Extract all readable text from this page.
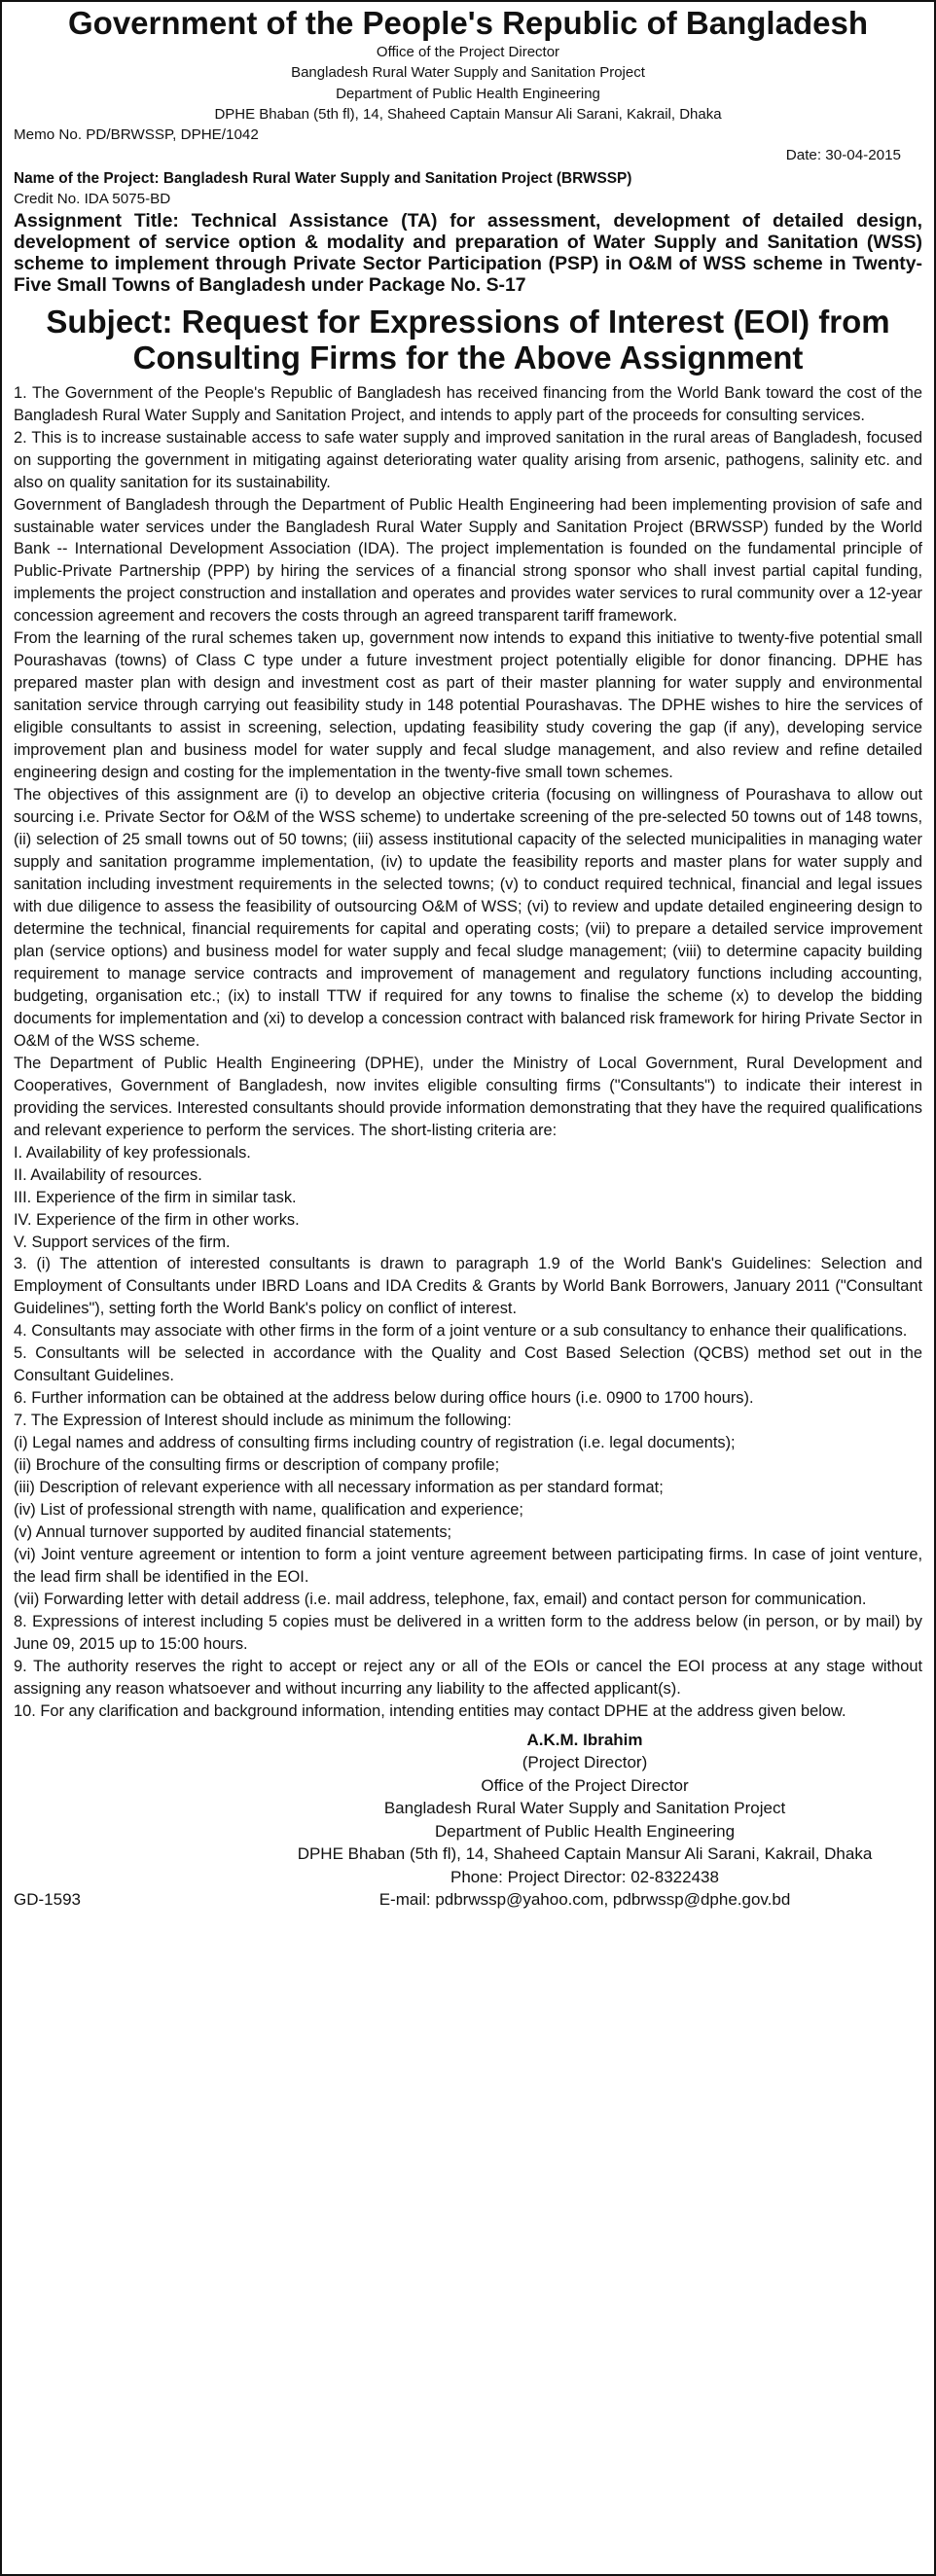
Government of the People's Republic of Bangladesh
Office of the Project Director
Bangladesh Rural Water Supply and Sanitation Project
Department of Public Health Engineering
DPHE Bhaban (5th fl), 14, Shaheed Captain Mansur Ali Sarani, Kakrail, Dhaka
Memo No. PD/BRWSSP, DPHE/1042
Date: 30-04-2015
Name of the Project: Bangladesh Rural Water Supply and Sanitation Project (BRWSSP)
Credit No. IDA 5075-BD
Assignment Title: Technical Assistance (TA) for assessment, development of detailed design, development of service option & modality and preparation of Water Supply and Sanitation (WSS) scheme to implement through Private Sector Participation (PSP) in O&M of WSS scheme in Twenty-Five Small Towns of Bangladesh under Package No. S-17
Subject: Request for Expressions of Interest (EOI) from
Consulting Firms for the Above Assignment

1. The Government of the People's Republic of Bangladesh has received financing from the World Bank toward the cost of the Bangladesh Rural Water Supply and Sanitation Project, and intends to apply part of the proceeds for consulting services.

2. This is to increase sustainable access to safe water supply and improved sanitation in the rural areas of Bangladesh, focused on supporting the government in mitigating against deteriorating water quality arising from arsenic, pathogens, salinity etc. and also on quality sanitation for its sustainability.

Government of Bangladesh through the Department of Public Health Engineering had been implementing provision of safe and sustainable water services under the Bangladesh Rural Water Supply and Sanitation Project (BRWSSP) funded by the World Bank -- International Development Association (IDA). The project implementation is founded on the fundamental principle of Public-Private Partnership (PPP) by hiring the services of a financial strong sponsor who shall invest partial capital funding, implements the project construction and installation and operates and provides water services to rural community over a 12-year concession agreement and recovers the costs through an agreed transparent tariff framework.

From the learning of the rural schemes taken up, government now intends to expand this initiative to twenty-five potential small Pourashavas (towns) of Class C type under a future investment project potentially eligible for donor financing. DPHE has prepared master plan with design and investment cost as part of their master planning for water supply and environmental sanitation service through carrying out feasibility study in 148 potential Pourashavas. The DPHE wishes to hire the services of eligible consultants to assist in screening, selection, updating feasibility study covering the gap (if any), developing service improvement plan and business model for water supply and fecal sludge management, and also review and refine detailed engineering design and costing for the implementation in the twenty-five small town schemes.

The objectives of this assignment are (i) to develop an objective criteria (focusing on willingness of Pourashava to allow out sourcing i.e. Private Sector for O&M of the WSS scheme) to undertake screening of the pre-selected 50 towns out of 148 towns, (ii) selection of 25 small towns out of 50 towns; (iii) assess institutional capacity of the selected municipalities in managing water supply and sanitation programme implementation, (iv) to update the feasibility reports and master plans for water supply and sanitation including investment requirements in the selected towns; (v) to conduct required technical, financial and legal issues with due diligence to assess the feasibility of outsourcing O&M of WSS; (vi) to review and update detailed engineering design to determine the technical, financial requirements for capital and operating costs; (vii) to prepare a detailed service improvement plan (service options) and business model for water supply and fecal sludge management; (viii) to determine capacity building requirement to manage service contracts and improvement of management and regulatory functions including accounting, budgeting, organisation etc.; (ix) to install TTW if required for any towns to finalise the scheme (x) to develop the bidding documents for implementation and (xi) to develop a concession contract with balanced risk framework for hiring Private Sector in O&M of the WSS scheme.

The Department of Public Health Engineering (DPHE), under the Ministry of Local Government, Rural Development and Cooperatives, Government of Bangladesh, now invites eligible consulting firms ("Consultants") to indicate their interest in providing the services. Interested consultants should provide information demonstrating that they have the required qualifications and relevant experience to perform the services. The short-listing criteria are:

I. Availability of key professionals.

II. Availability of resources.

III. Experience of the firm in similar task.

IV. Experience of the firm in other works.

V. Support services of the firm.

3. (i) The attention of interested consultants is drawn to paragraph 1.9 of the World Bank's Guidelines: Selection and Employment of Consultants under IBRD Loans and IDA Credits & Grants by World Bank Borrowers, January 2011 ("Consultant Guidelines"), setting forth the World Bank's policy on conflict of interest.

4. Consultants may associate with other firms in the form of a joint venture or a sub consultancy to enhance their qualifications.

5. Consultants will be selected in accordance with the Quality and Cost Based Selection (QCBS) method set out in the Consultant Guidelines.

6. Further information can be obtained at the address below during office hours (i.e. 0900 to 1700 hours).

7. The Expression of Interest should include as minimum the following:

(i) Legal names and address of consulting firms including country of registration (i.e. legal documents);

(ii) Brochure of the consulting firms or description of company profile;

(iii) Description of relevant experience with all necessary information as per standard format;

(iv) List of professional strength with name, qualification and experience;

(v) Annual turnover supported by audited financial statements;

(vi) Joint venture agreement or intention to form a joint venture agreement between participating firms. In case of joint venture, the lead firm shall be identified in the EOI.

(vii) Forwarding letter with detail address (i.e. mail address, telephone, fax, email) and contact person for communication.

8. Expressions of interest including 5 copies must be delivered in a written form to the address below (in person, or by mail) by June 09, 2015 up to 15:00 hours.

9. The authority reserves the right to accept or reject any or all of the EOIs or cancel the EOI process at any stage without assigning any reason whatsoever and without incurring any liability to the affected applicant(s).

10. For any clarification and background information, intending entities may contact DPHE at the address given below.

A.K.M. Ibrahim
(Project Director)
Office of the Project Director
Bangladesh Rural Water Supply and Sanitation Project
Department of Public Health Engineering
DPHE Bhaban (5th fl), 14, Shaheed Captain Mansur Ali Sarani, Kakrail, Dhaka
Phone: Project Director: 02-8322438
E-mail: pdbrwssp@yahoo.com, pdbrwssp@dphe.gov.bd
GD-1593
